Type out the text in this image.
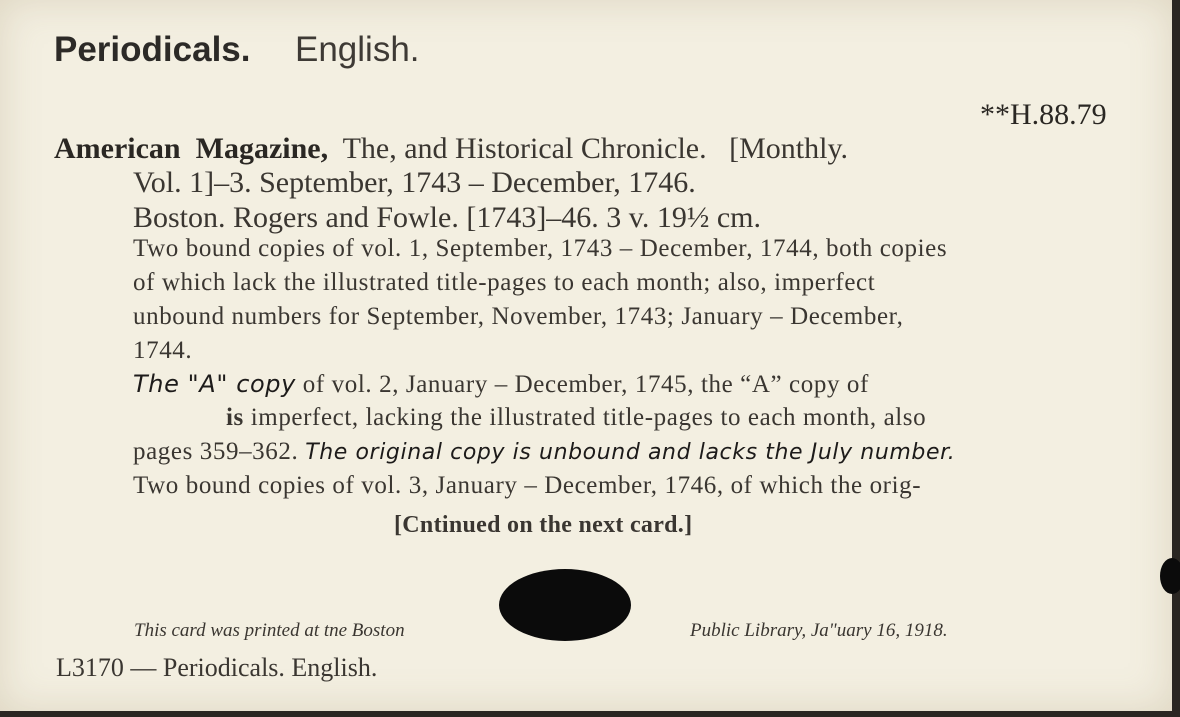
Periodicals. English.
**H.88.79
American Magazine, The, and Historical Chronicle. [Monthly.
Vol. 1]–3. September, 1743 – December, 1746.
Boston. Rogers and Fowle. [1743]–46. 3 v. 19½ cm.
Two bound copies of vol. 1, September, 1743 – December, 1744, both copies
of which lack the illustrated title-pages to each month; also, imperfect
unbound numbers for September, November, 1743; January – December,
1744.
The "A" copy of vol. 2, January – December, 1745, the “A” copy of
is imperfect, lacking the illustrated title-pages to each month, also
pages 359–362. The original copy is unbound and lacks the July number.
Two bound copies of vol. 3, January – December, 1746, of which the orig-
[Cntinued on the next card.]
This card was printed at tne Boston	Public Library, Ja"uary 16, 1918.
L3170 — Periodicals. English.
